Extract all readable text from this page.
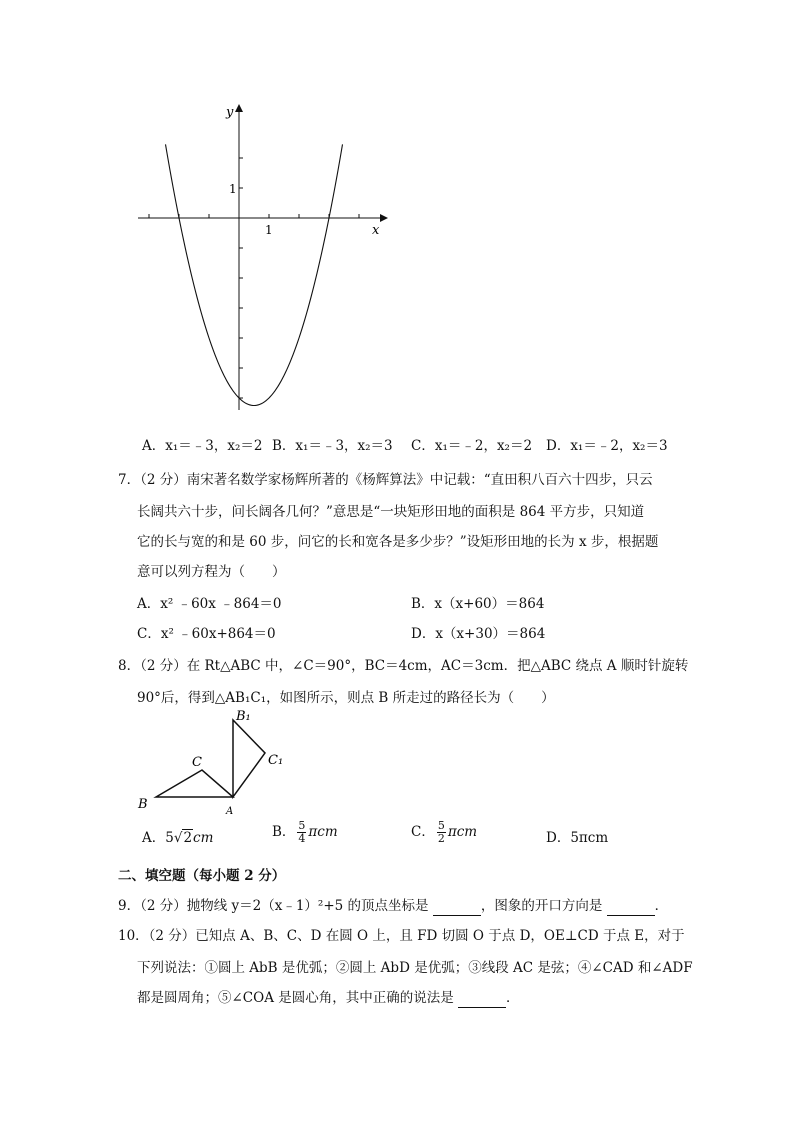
y
x
1
1
A．x₁＝﹣3，x₂＝2 B．x₁＝﹣3，x₂＝3 C．x₁＝﹣2，x₂＝2 D．x₁＝﹣2，x₂＝3
7．（2 分）南宋著名数学家杨辉所著的《杨辉算法》中记载：“直田积八百六十四步，只云
长阔共六十步，问长阔各几何？”意思是“一块矩形田地的面积是 864 平方步，只知道
它的长与宽的和是 60 步，问它的长和宽各是多少步？”设矩形田地的长为 x 步，根据题
意可以列方程为（　　）
A．x² ﹣60x ﹣864＝0	B．x（x+60）＝864
C．x² ﹣60x+864＝0	D．x（x+30）＝864
8．（2 分）在 Rt△ABC 中，∠C＝90°，BC＝4cm，AC＝3cm．把△ABC 绕点 A 顺时针旋转
90°后，得到△AB₁C₁，如图所示，则点 B 所走过的路径长为（　　）
B
C
A
B₁
C₁
A．5√2cm	B． $\frac{5}{4}$ πcm	C． $\frac{5}{2}$ πcm	D．5πcm
二、填空题（每小题 2 分）
9．（2 分）抛物线 y＝2（x﹣1）²+5 的顶点坐标是	，图象的开口方向是	．
10．（2 分）已知点 A、B、C、D 在圆 O 上，且 FD 切圆 O 于点 D，OE⊥CD 于点 E，对于
下列说法：①圆上 AbB 是优弧；②圆上 AbD 是优弧；③线段 AC 是弦；④∠CAD 和∠ADF
都是圆周角；⑤∠COA 是圆心角，其中正确的说法是	．
